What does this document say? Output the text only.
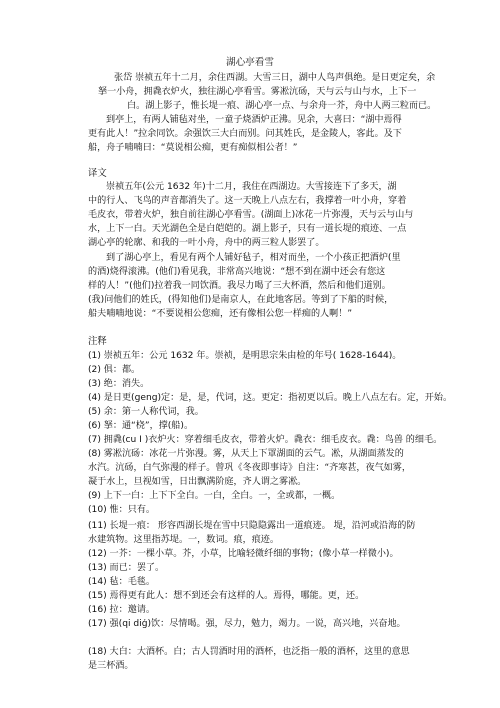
湖心亭看雪
张岱 崇祯五年十二月，余住西湖。大雪三日，湖中人鸟声俱绝。是日更定矣，余
拏一小舟，拥毳衣炉火，独往湖心亭看雪。雾凇沆砀，天与云与山与水，上下一
白。湖上影子，惟长堤一痕、湖心亭一点、与余舟一芥，舟中人两三粒而已。
到亭上，有两人铺毡对坐，一童子烧酒炉正沸。见余，大喜曰：“湖中焉得
更有此人！”拉余同饮。余强饮三大白而别。问其姓氏，是金陵人，客此。及下
船，舟子喃喃曰：“莫说相公痴，更有痴似相公者！”
译文
崇祯五年(公元 1632 年)十二月，我住在西湖边。大雪接连下了多天，湖
中的行人、飞鸟的声音都消失了。这一天晚上八点左右，我撑着一叶小舟，穿着
毛皮衣，带着火炉，独自前往湖心亭看雪。(湖面上)冰花一片弥漫，天与云与山与
水，上下一白。天光湖色全是白皑皑的。湖上影子，只有一道长堤的痕迹、一点
湖心亭的轮廓、和我的一叶小舟，舟中的两三粒人影罢了。
到了湖心亭上，看见有两个人铺好毡子，相对而坐，一个小孩正把酒炉(里
的酒)烧得滚沸。(他们)看见我，非常高兴地说：“想不到在湖中还会有您这
样的人！”(他们)拉着我一同饮酒。我尽力喝了三大杯酒，然后和他们道别。
(我)问他们的姓氏，(得知他们)是南京人，在此地客居。等到了下船的时候，
船夫喃喃地说：“不要说相公您痴，还有像相公您一样痴的人啊！”
注释
(1) 崇祯五年：公元 1632 年。崇祯，是明思宗朱由检的年号( 1628-1644)。
(2) 俱：都。
(3) 绝：消失。
(4) 是日更(geng)定：是，是，代词，这。更定：指初更以后。晚上八点左右。定，开始。
(5) 余：第一人称代词，我。
(6) 拏：通“桡”，撑(船)。
(7) 拥毳(cu Ⅰ )衣炉火：穿着细毛皮衣，带着火炉。毳衣：细毛皮衣。毳：鸟兽 的细毛。
(8) 雾凇沆砀：冰花一片弥漫。雾，从天上下罩湖面的云气。凇，从湖面蒸发的
水汽。沆砀，白气弥漫的样子。曾巩《冬夜即事诗》自注：“齐寒甚，夜气如雾，
凝于水上，旦视如雪，日出飘满阶庭，齐人谓之雾凇。
(9) 上下一白：上下下全白。一白，全白。一，全或都，一概。
(10) 惟：只有。
(11) 长堤一痕： 形容西湖长堤在雪中只隐隐露出一道痕迹。 堤，沿河或沿海的防
水建筑物。这里指苏堤。一，数词。痕，痕迹。
(12) 一芥：一棵小草。芥，小草，比喻轻微纤细的事物；(像小草一样微小)。
(13) 而已：罢了。
(14) 毡：毛毯。
(15) 焉得更有此人：想不到还会有这样的人。焉得，哪能。更，还。
(16) 拉：邀请。
(17) 强(qi diģ)饮：尽情喝。强，尽力，勉力，竭力。一说，高兴地，兴奋地。
(18) 大白：大酒杯。白；古人罚酒时用的酒杯，也泛指一般的酒杯，这里的意思
是三杯酒。
